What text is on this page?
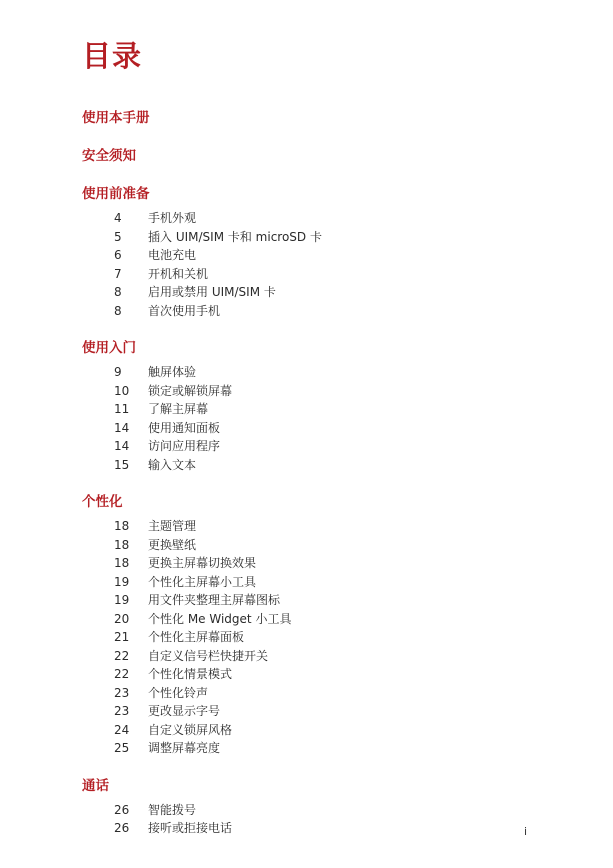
目录
使用本手册
安全须知
使用前准备
4	手机外观
5	插入 UIM/SIM 卡和 microSD 卡
6	电池充电
7	开机和关机
8	启用或禁用 UIM/SIM 卡
8	首次使用手机
使用入门
9	触屏体验
10	锁定或解锁屏幕
11	了解主屏幕
14	使用通知面板
14	访问应用程序
15	输入文本
个性化
18	主题管理
18	更换壁纸
18	更换主屏幕切换效果
19	个性化主屏幕小工具
19	用文件夹整理主屏幕图标
20	个性化 Me Widget 小工具
21	个性化主屏幕面板
22	自定义信号栏快捷开关
22	个性化情景模式
23	个性化铃声
23	更改显示字号
24	自定义锁屏风格
25	调整屏幕亮度
通话
26	智能拨号
26	接听或拒接电话	i
